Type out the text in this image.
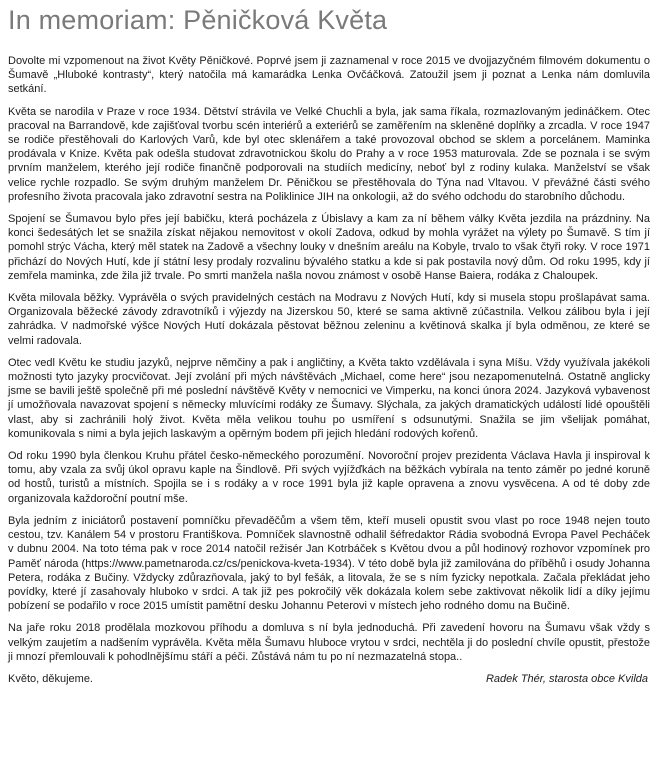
In memoriam: Pěničková Květa

Dovolte mi vzpomenout na život Květy Pěničkové. Poprvé jsem ji zaznamenal v roce 2015 ve dvojjazyčném filmovém dokumentu o Šumavě „Hluboké kontrasty“, který natočila má kamarádka Lenka Ovčáčková. Zatoužil jsem ji poznat a Lenka nám domluvila setkání.

Květa se narodila v Praze v roce 1934. Dětství strávila ve Velké Chuchli a byla, jak sama říkala, rozmazlovaným jedináčkem. Otec pracoval na Barrandově, kde zajišťoval tvorbu scén interiérů a exteriérů se zaměřením na skleněné doplňky a zrcadla. V roce 1947 se rodiče přestěhovali do Karlových Varů, kde byl otec sklenářem a také provozoval obchod se sklem a porcelánem. Maminka prodávala v Knize. Květa pak odešla studovat zdravotnickou školu do Prahy a v roce 1953 maturovala. Zde se poznala i se svým prvním manželem, kterého její rodiče finančně podporovali na studiích medicíny, neboť byl z rodiny kulaka. Manželství se však velice rychle rozpadlo. Se svým druhým manželem Dr. Pěničkou se přestěhovala do Týna nad Vltavou. V převážné části svého profesního života pracovala jako zdravotní sestra na Poliklinice JIH na onkologii, až do svého odchodu do starobního důchodu.

Spojení se Šumavou bylo přes její babičku, která pocházela z Úbislavy a kam za ní během války Květa jezdila na prázdniny. Na konci šedesátých let se snažila získat nějakou nemovitost v okolí Zadova, odkud by mohla vyrážet na výlety po Šumavě. S tím jí pomohl strýc Vácha, který měl statek na Zadově a všechny louky v dnešním areálu na Kobyle, trvalo to však čtyři roky. V roce 1971 přichází do Nových Hutí, kde jí státní lesy prodaly rozvalinu bývalého statku a kde si pak postavila nový dům. Od roku 1995, kdy jí zemřela maminka, zde žila již trvale. Po smrti manžela našla novou známost v osobě Hanse Baiera, rodáka z Chaloupek.

Květa milovala běžky. Vyprávěla o svých pravidelných cestách na Modravu z Nových Hutí, kdy si musela stopu prošlapávat sama. Organizovala běžecké závody zdravotníků i výjezdy na Jizerskou 50, které se sama aktivně zúčastnila. Velkou zálibou byla i její zahrádka. V nadmořské výšce Nových Hutí dokázala pěstovat běžnou zeleninu a květinová skalka jí byla odměnou, ze které se velmi radovala.

Otec vedl Květu ke studiu jazyků, nejprve němčiny a pak i angličtiny, a Květa takto vzdělávala i syna Míšu. Vždy využívala jakékoli možnosti tyto jazyky procvičovat. Její zvolání při mých návštěvách „Michael, come here“ jsou nezapomenutelná. Ostatně anglicky jsme se bavili ještě společně při mé poslední návštěvě Květy v nemocnici ve Vimperku, na konci února 2024. Jazyková vybavenost jí umožňovala navazovat spojení s německy mluvícími rodáky ze Šumavy. Slýchala, za jakých dramatických událostí lidé opouštěli vlast, aby si zachránili holý život. Květa měla velikou touhu po usmíření s odsunutými. Snažila se jim všelijak pomáhat, komunikovala s nimi a byla jejich laskavým a opěrným bodem při jejich hledání rodových kořenů.

Od roku 1990 byla členkou Kruhu přátel česko-německého porozumění. Novoroční projev prezidenta Václava Havla ji inspiroval k tomu, aby vzala za svůj úkol opravu kaple na Šindlově. Při svých vyjížďkách na běžkách vybírala na tento záměr po jedné koruně od hostů, turistů a místních. Spojila se i s rodáky a v roce 1991 byla již kaple opravena a znovu vysvěcena. A od té doby zde organizovala každoroční poutní mše.

Byla jedním z iniciátorů postavení pomníčku převaděčům a všem těm, kteří museli opustit svou vlast po roce 1948 nejen touto cestou, tzv. Kanálem 54 v prostoru Františkova. Pomníček slavnostně odhalil šéfredaktor Rádia svobodná Evropa Pavel Pecháček v dubnu 2004. Na toto téma pak v roce 2014 natočil režisér Jan Kotrbáček s Květou dvou a půl hodinový rozhovor vzpomínek pro Paměť národa (https://www.pametnaroda.cz/cs/penickova-kveta-1934). V této době byla již zamilována do příběhů i osudy Johanna Petera, rodáka z Bučiny. Vždycky zdůrazňovala, jaký to byl fešák, a litovala, že se s ním fyzicky nepotkala. Začala překládat jeho povídky, které jí zasahovaly hluboko v srdci. A tak již pes pokročilý věk dokázala kolem sebe zaktivovat několik lidí a díky jejímu pobízení se podařilo v roce 2015 umístit pamětní desku Johannu Peterovi v místech jeho rodného domu na Bučině.

Na jaře roku 2018 prodělala mozkovou příhodu a domluva s ní byla jednoduchá. Při zavedení hovoru na Šumavu však vždy s velkým zaujetím a nadšením vyprávěla. Květa měla Šumavu hluboce vrytou v srdci, nechtěla ji do poslední chvíle opustit, přestože ji mnozí přemlouvali k pohodlnějšímu stáří a péči. Zůstává nám tu po ní nezmazatelná stopa..

Květo, děkujeme.	Radek Thér, starosta obce Kvilda
